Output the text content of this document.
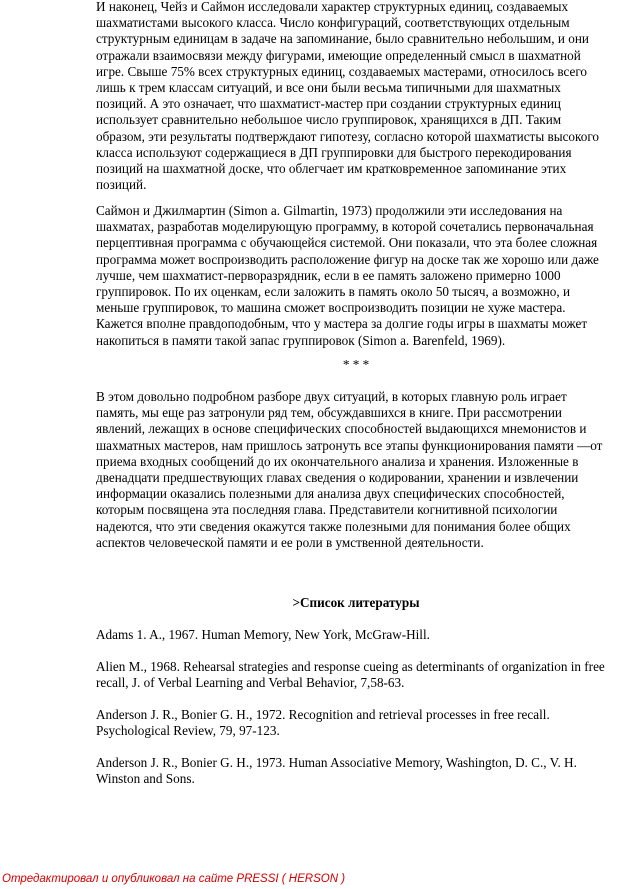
И наконец, Чейз и Саймон исследовали характер структурных единиц, создаваемых
шахматистами высокого класса. Число конфигураций, соответствующих отдельным
структурным единицам в задаче на запоминание, было сравнительно небольшим, и они
отражали взаимосвязи между фигурами, имеющие определенный смысл в шахматной
игре. Свыше 75% всех структурных единиц, создаваемых мастерами, относилось всего
лишь к трем классам ситуаций, и все они были весьма типичными для шахматных
позиций. А это означает, что шахматист-мастер при создании структурных единиц
использует сравнительно небольшое число группировок, хранящихся в ДП. Таким
образом, эти результаты подтверждают гипотезу, согласно которой шахматисты высокого
класса используют содержащиеся в ДП группировки для быстрого перекодирования
позиций на шахматной доске, что облегчает им кратковременное запоминание этих
позиций.
Саймон и Джилмартин (Simon a. Gilmartin, 1973) продолжили эти исследования на
шахматах, разработав моделирующую программу, в которой сочетались первоначальная
перцептивная программа с обучающейся системой. Они показали, что эта более сложная
программа может воспроизводить расположение фигур на доске так же хорошо или даже
лучше, чем шахматист-перворазрядник, если в ее память заложено примерно 1000
группировок. По их оценкам, если заложить в память около 50 тысяч, а возможно, и
меньше группировок, то машина сможет воспроизводить позиции не хуже мастера.
Кажется вполне правдоподобным, что у мастера за долгие годы игры в шахматы может
накопиться в памяти такой запас группировок (Simon a. Barenfeld, 1969).
* * *
В этом довольно подробном разборе двух ситуаций, в которых главную роль играет
память, мы еще раз затронули ряд тем, обсуждавшихся в книге. При рассмотрении
явлений, лежащих в основе специфических способностей выдающихся мнемонистов и
шахматных мастеров, нам пришлось затронуть все этапы функционирования памяти —от
приема входных сообщений до их окончательного анализа и хранения. Изложенные в
двенадцати предшествующих главах сведения о кодировании, хранении и извлечении
информации оказались полезными для анализа двух специфических способностей,
которым посвящена эта последняя глава. Представители когнитивной психологии
надеются, что эти сведения окажутся также полезными для понимания более общих
аспектов человеческой памяти и ее роли в умственной деятельности.
>Список литературы
Adams 1. A., 1967. Human Memory, New York, McGraw-Hill.
Alien M., 1968. Rehearsal strategies and response cueing as determinants of organization in free
recall, J. of Verbal Learning and Verbal Behavior, 7,58-63.
Anderson J. R., Bonier G. H., 1972. Recognition and retrieval processes in free recall.
Psychological Review, 79, 97-123.
Anderson J. R., Bonier G. H., 1973. Human Associative Memory, Washington, D. C., V. H.
Winston and Sons.
Отредактировал и опубликовал на сайте PRESSI ( HERSON )
